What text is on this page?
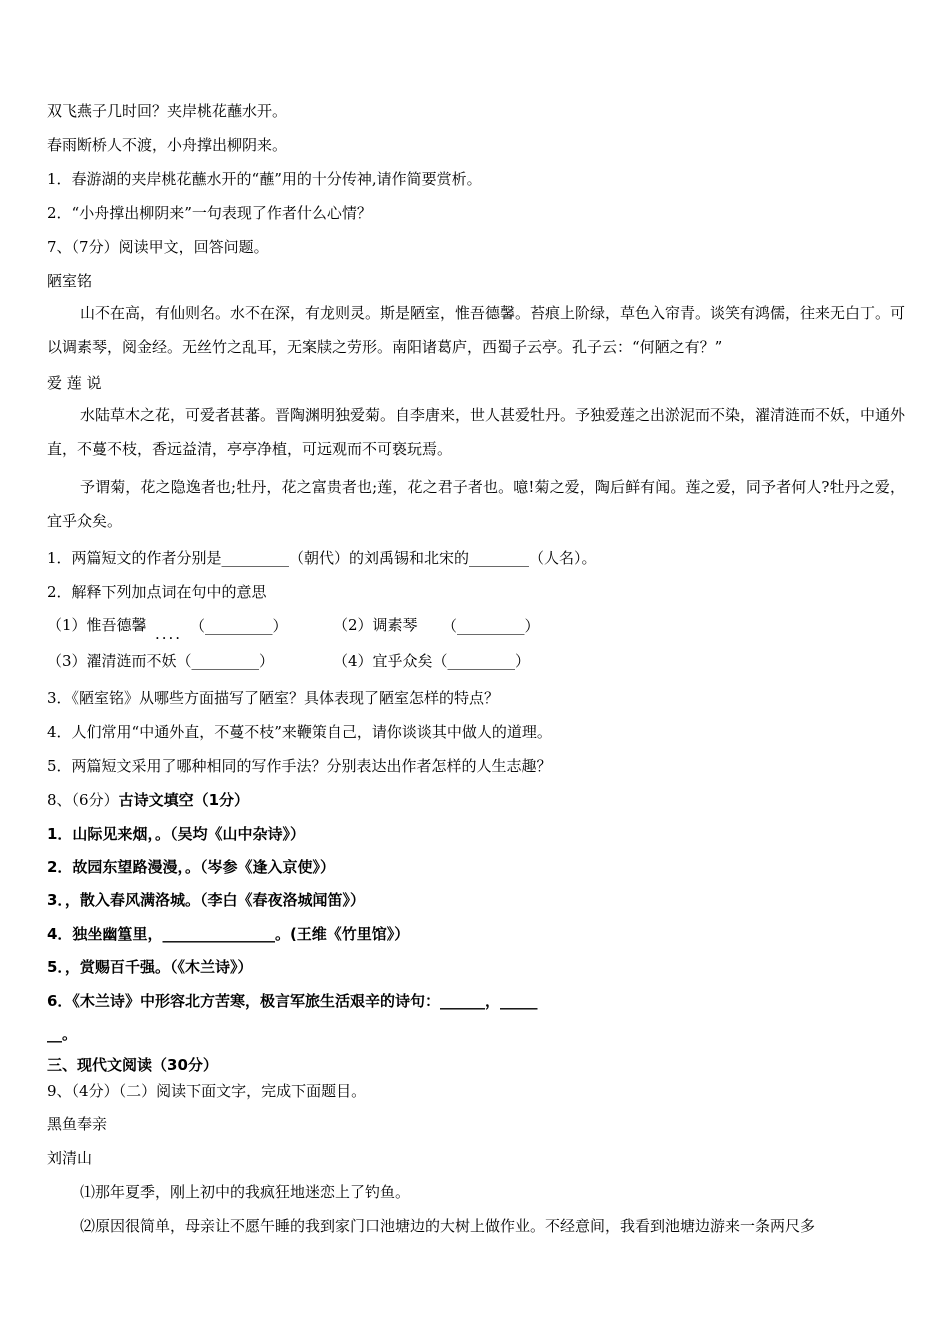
双飞燕子几时回？夹岸桃花蘸水开。
春雨断桥人不渡，小舟撑出柳阴来。
1．春游湖的夹岸桃花蘸水开的“蘸”用的十分传神,请作简要赏析。
2．“小舟撑出柳阴来”一句表现了作者什么心情？
7、（7分）阅读甲文，回答问题。
陋室铭
山不在高，有仙则名。水不在深，有龙则灵。斯是陋室，惟吾德馨。苔痕上阶绿，草色入帘青。谈笑有鸿儒，往来无白丁。可以调素琴，阅金经。无丝竹之乱耳，无案牍之劳形。南阳诸葛庐，西蜀子云亭。孔子云：“何陋之有？”
爱 莲 说
水陆草木之花，可爱者甚蕃。晋陶渊明独爱菊。自李唐来，世人甚爱牡丹。予独爱莲之出淤泥而不染，濯清涟而不妖，中通外直，不蔓不枝，香远益清，亭亭净植，可远观而不可亵玩焉。
予谓菊，花之隐逸者也;牡丹，花之富贵者也;莲，花之君子者也。噫!菊之爱，陶后鲜有闻。莲之爱，同予者何人?牡丹之爱，宜乎众矣。
1．两篇短文的作者分别是_________（朝代）的刘禹锡和北宋的________（人名）。
2．解释下列加点词在句中的意思
（1）惟吾德馨 .... （_________）	（2）调素琴 （_________）
（3）濯清涟而不妖（_________）	（4）宜乎众矣（_________）
3．《陋室铭》从哪些方面描写了陋室？具体表现了陋室怎样的特点？
4．人们常用“中通外直，不蔓不枝”来鞭策自己，请你谈谈其中做人的道理。
5．两篇短文采用了哪种相同的写作手法？分别表达出作者怎样的人生志趣？
8、（6分）古诗文填空（1分）
1．山际见来烟，。（吴均《山中杂诗》）
2．故园东望路漫漫，。（岑参《逢入京使》）
3．，散入春风满洛城。（李白《春夜洛城闻笛》）
4．独坐幽篁里，_______________。(王维《竹里馆》）
5．，赏赐百千强。（《木兰诗》）
6．《木兰诗》中形容北方苦寒，极言军旅生活艰辛的诗句：______，_____
__。
三、现代文阅读（30分）
9、（4分）（二）阅读下面文字，完成下面题目。
黑鱼奉亲
刘清山
⑴那年夏季，刚上初中的我疯狂地迷恋上了钓鱼。
⑵原因很简单，母亲让不愿午睡的我到家门口池塘边的大树上做作业。不经意间，我看到池塘边游来一条两尺多
